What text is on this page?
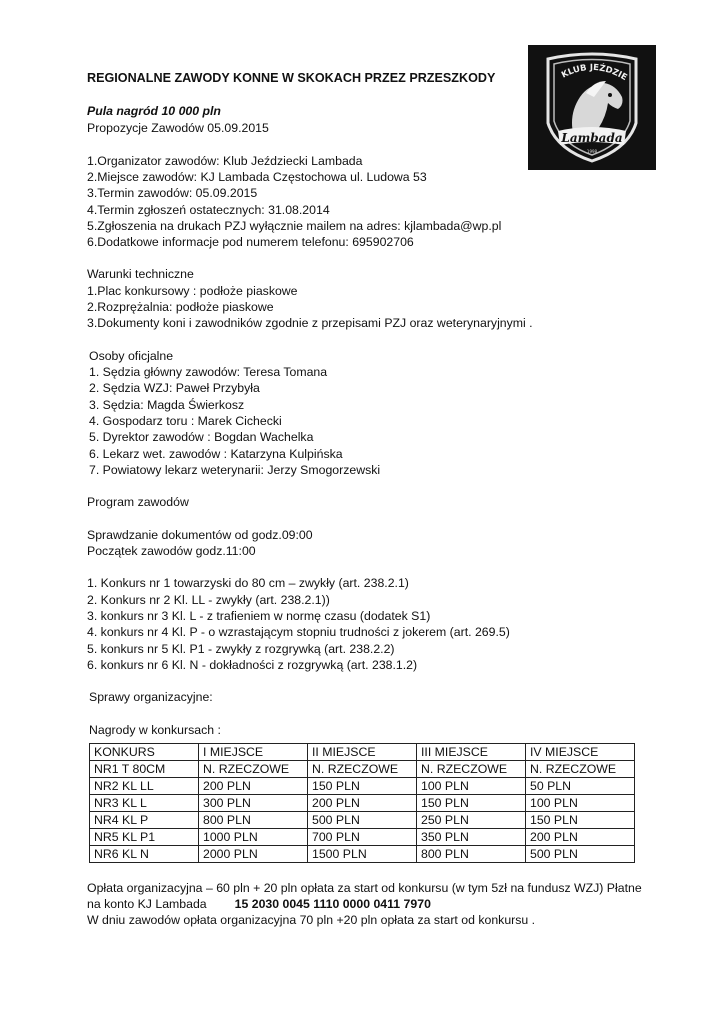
KLUB JEŹDZIE
Lambada
1998
REGIONALNE ZAWODY KONNE W SKOKACH PRZEZ PRZESZKODY
Pula nagród 10 000 pln
Propozycje Zawodów 05.09.2015
1.Organizator zawodów: Klub Jeździecki Lambada
2.Miejsce zawodów: KJ Lambada Częstochowa ul. Ludowa 53
3.Termin zawodów: 05.09.2015
4.Termin zgłoszeń ostatecznych: 31.08.2014
5.Zgłoszenia na drukach PZJ wyłącznie mailem na adres: kjlambada@wp.pl
6.Dodatkowe informacje pod numerem telefonu: 695902706
Warunki techniczne
1.Plac konkursowy : podłoże piaskowe
2.Rozprężalnia: podłoże piaskowe
3.Dokumenty koni i zawodników zgodnie z przepisami PZJ oraz weterynaryjnymi .
Osoby oficjalne
1. Sędzia główny zawodów: Teresa Tomana
2. Sędzia WZJ: Paweł Przybyła
3. Sędzia: Magda Świerkosz
4. Gospodarz toru : Marek Cichecki
5. Dyrektor zawodów : Bogdan Wachelka
6. Lekarz wet. zawodów : Katarzyna Kulpińska
7. Powiatowy lekarz weterynarii: Jerzy Smogorzewski
Program zawodów
Sprawdzanie dokumentów od godz.09:00
Początek zawodów godz.11:00
1. Konkurs nr 1 towarzyski do 80 cm – zwykły (art. 238.2.1)
2. Konkurs nr 2 Kl. LL - zwykły (art. 238.2.1))
3. konkurs nr 3 Kl. L - z trafieniem w normę czasu (dodatek S1)
4. konkurs nr 4 Kl. P - o wzrastającym stopniu trudności z jokerem (art. 269.5)
5. konkurs nr 5 Kl. P1 - zwykły z rozgrywką (art. 238.2.2)
6. konkurs nr 6 Kl. N - dokładności z rozgrywką (art. 238.1.2)
Sprawy organizacyjne:
Nagrody w konkursach :
KONKURS	I MIEJSCE	II MIEJSCE	III MIEJSCE	IV MIEJSCE
NR1 T 80CM	N. RZECZOWE	N. RZECZOWE	N. RZECZOWE	N. RZECZOWE
NR2 KL LL	200 PLN	150 PLN	100 PLN	50 PLN
NR3 KL L	300 PLN	200 PLN	150 PLN	100 PLN
NR4 KL P	800 PLN	500 PLN	250 PLN	150 PLN
NR5 KL P1	1000 PLN	700 PLN	350 PLN	200 PLN
NR6 KL N	2000 PLN	1500 PLN	800 PLN	500 PLN
Opłata organizacyjna – 60 pln + 20 pln opłata za start od konkursu (w tym 5zł na fundusz WZJ) Płatne
na konto KJ Lambada 15 2030 0045 1110 0000 0411 7970
W dniu zawodów opłata organizacyjna 70 pln +20 pln opłata za start od konkursu .
